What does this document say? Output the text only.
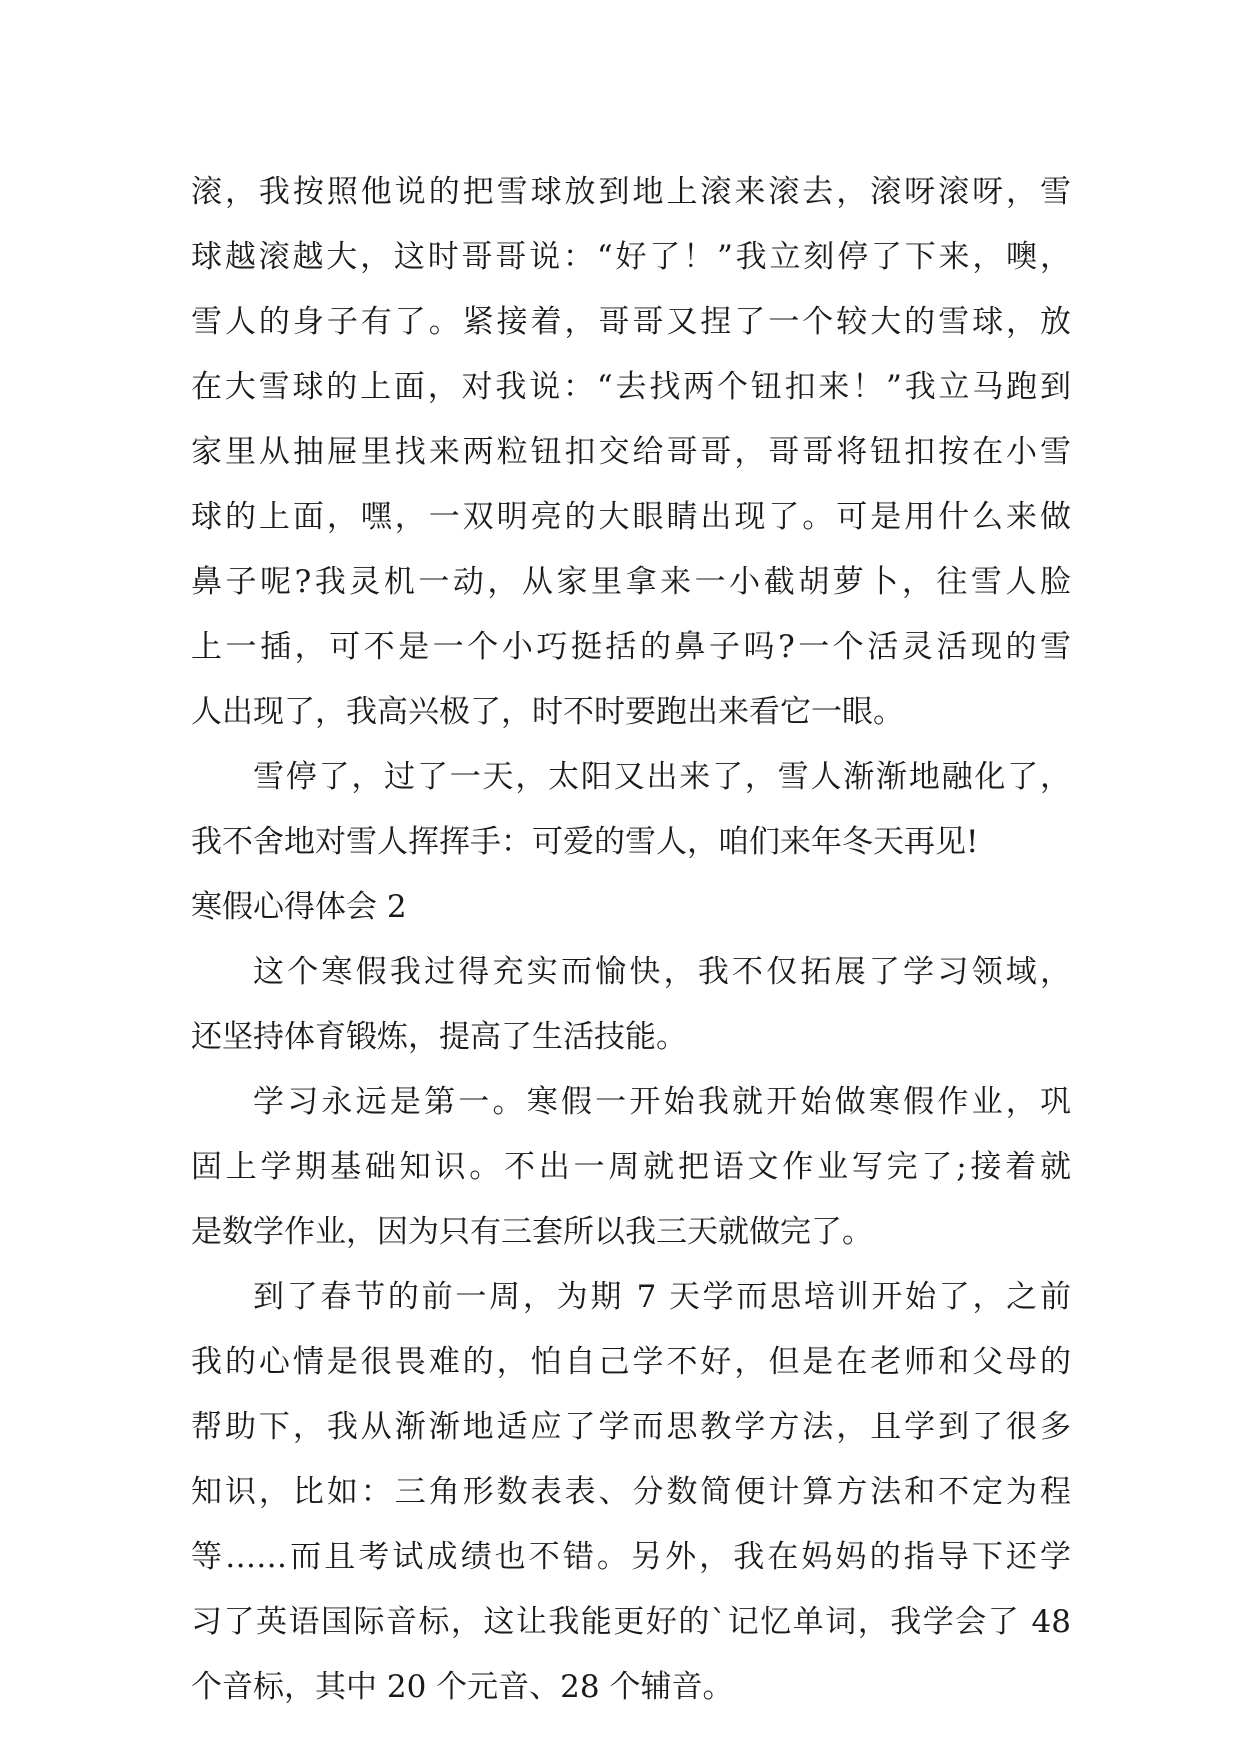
滚，我按照他说的把雪球放到地上滚来滚去，滚呀滚呀，雪
球越滚越大，这时哥哥说：“好了！”我立刻停了下来，噢，
雪人的身子有了。紧接着，哥哥又捏了一个较大的雪球，放
在大雪球的上面，对我说：“去找两个钮扣来！”我立马跑到
家里从抽屉里找来两粒钮扣交给哥哥，哥哥将钮扣按在小雪
球的上面，嘿，一双明亮的大眼睛出现了。可是用什么来做
鼻子呢?我灵机一动，从家里拿来一小截胡萝卜，往雪人脸
上一插，可不是一个小巧挺括的鼻子吗?一个活灵活现的雪
人出现了，我高兴极了，时不时要跑出来看它一眼。
雪停了，过了一天，太阳又出来了，雪人渐渐地融化了，
我不舍地对雪人挥挥手：可爱的雪人，咱们来年冬天再见!
寒假心得体会 2
这个寒假我过得充实而愉快，我不仅拓展了学习领域，
还坚持体育锻炼，提高了生活技能。
学习永远是第一。寒假一开始我就开始做寒假作业，巩
固上学期基础知识。不出一周就把语文作业写完了;接着就
是数学作业，因为只有三套所以我三天就做完了。
到了春节的前一周，为期 7 天学而思培训开始了，之前
我的心情是很畏难的，怕自己学不好，但是在老师和父母的
帮助下，我从渐渐地适应了学而思教学方法，且学到了很多
知识，比如：三角形数表表、分数简便计算方法和不定为程
等……而且考试成绩也不错。另外，我在妈妈的指导下还学
习了英语国际音标，这让我能更好的`记忆单词，我学会了 48
个音标，其中 20 个元音、28 个辅音。
